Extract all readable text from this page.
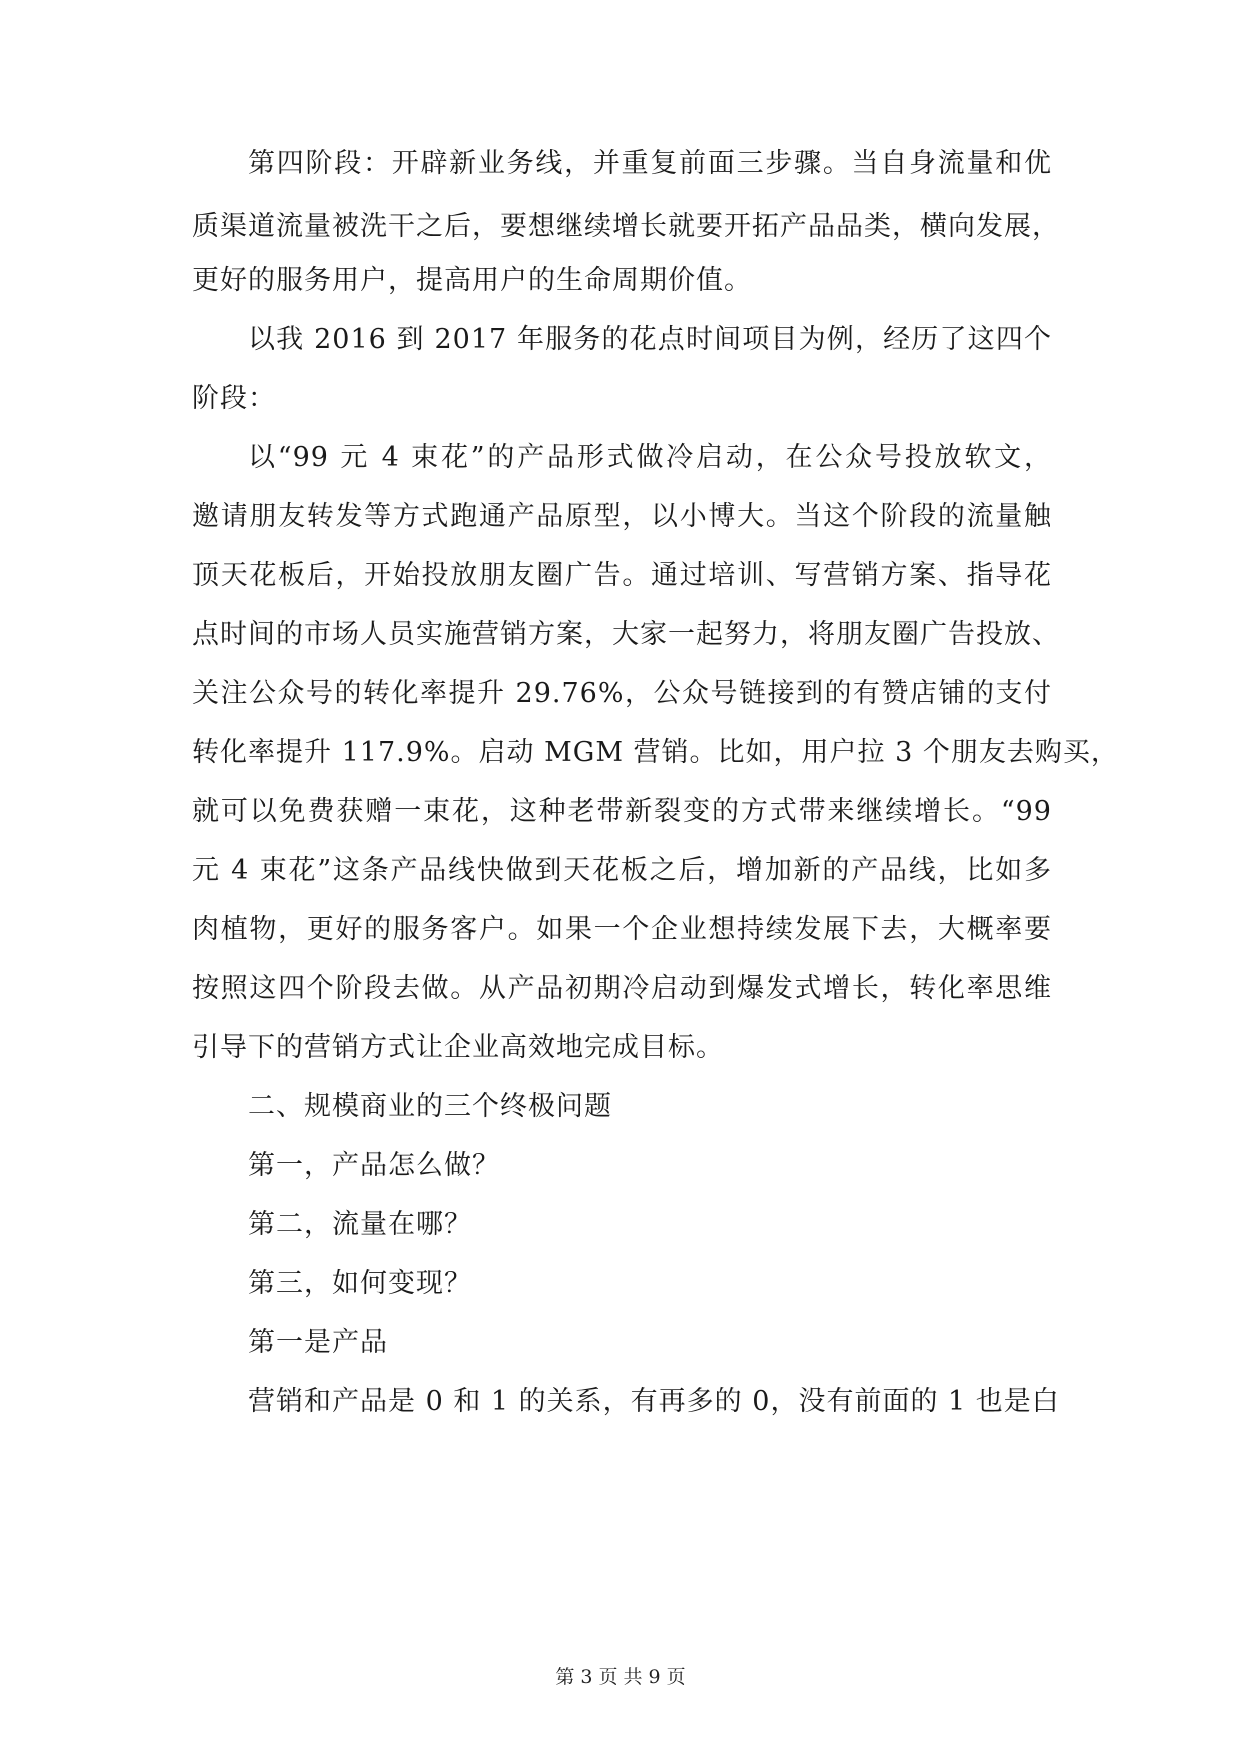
第四阶段：开辟新业务线，并重复前面三步骤。当自身流量和优
质渠道流量被洗干之后，要想继续增长就要开拓产品品类，横向发展，
更好的服务用户，提高用户的生命周期价值。
以我 2016 到 2017 年服务的花点时间项目为例，经历了这四个
阶段：
以“99 元 4 束花”的产品形式做冷启动，在公众号投放软文，
邀请朋友转发等方式跑通产品原型，以小博大。当这个阶段的流量触
顶天花板后，开始投放朋友圈广告。通过培训、写营销方案、指导花
点时间的市场人员实施营销方案，大家一起努力，将朋友圈广告投放、
关注公众号的转化率提升 29.76%，公众号链接到的有赞店铺的支付
转化率提升 117.9%。启动 MGM 营销。比如，用户拉 3 个朋友去购买，
就可以免费获赠一束花，这种老带新裂变的方式带来继续增长。“99
元 4 束花”这条产品线快做到天花板之后，增加新的产品线，比如多
肉植物，更好的服务客户。如果一个企业想持续发展下去，大概率要
按照这四个阶段去做。从产品初期冷启动到爆发式增长，转化率思维
引导下的营销方式让企业高效地完成目标。
二、规模商业的三个终极问题
第一，产品怎么做？
第二，流量在哪？
第三，如何变现？
第一是产品
营销和产品是 0 和 1 的关系，有再多的 0，没有前面的 1 也是白
第 3 页 共 9 页
